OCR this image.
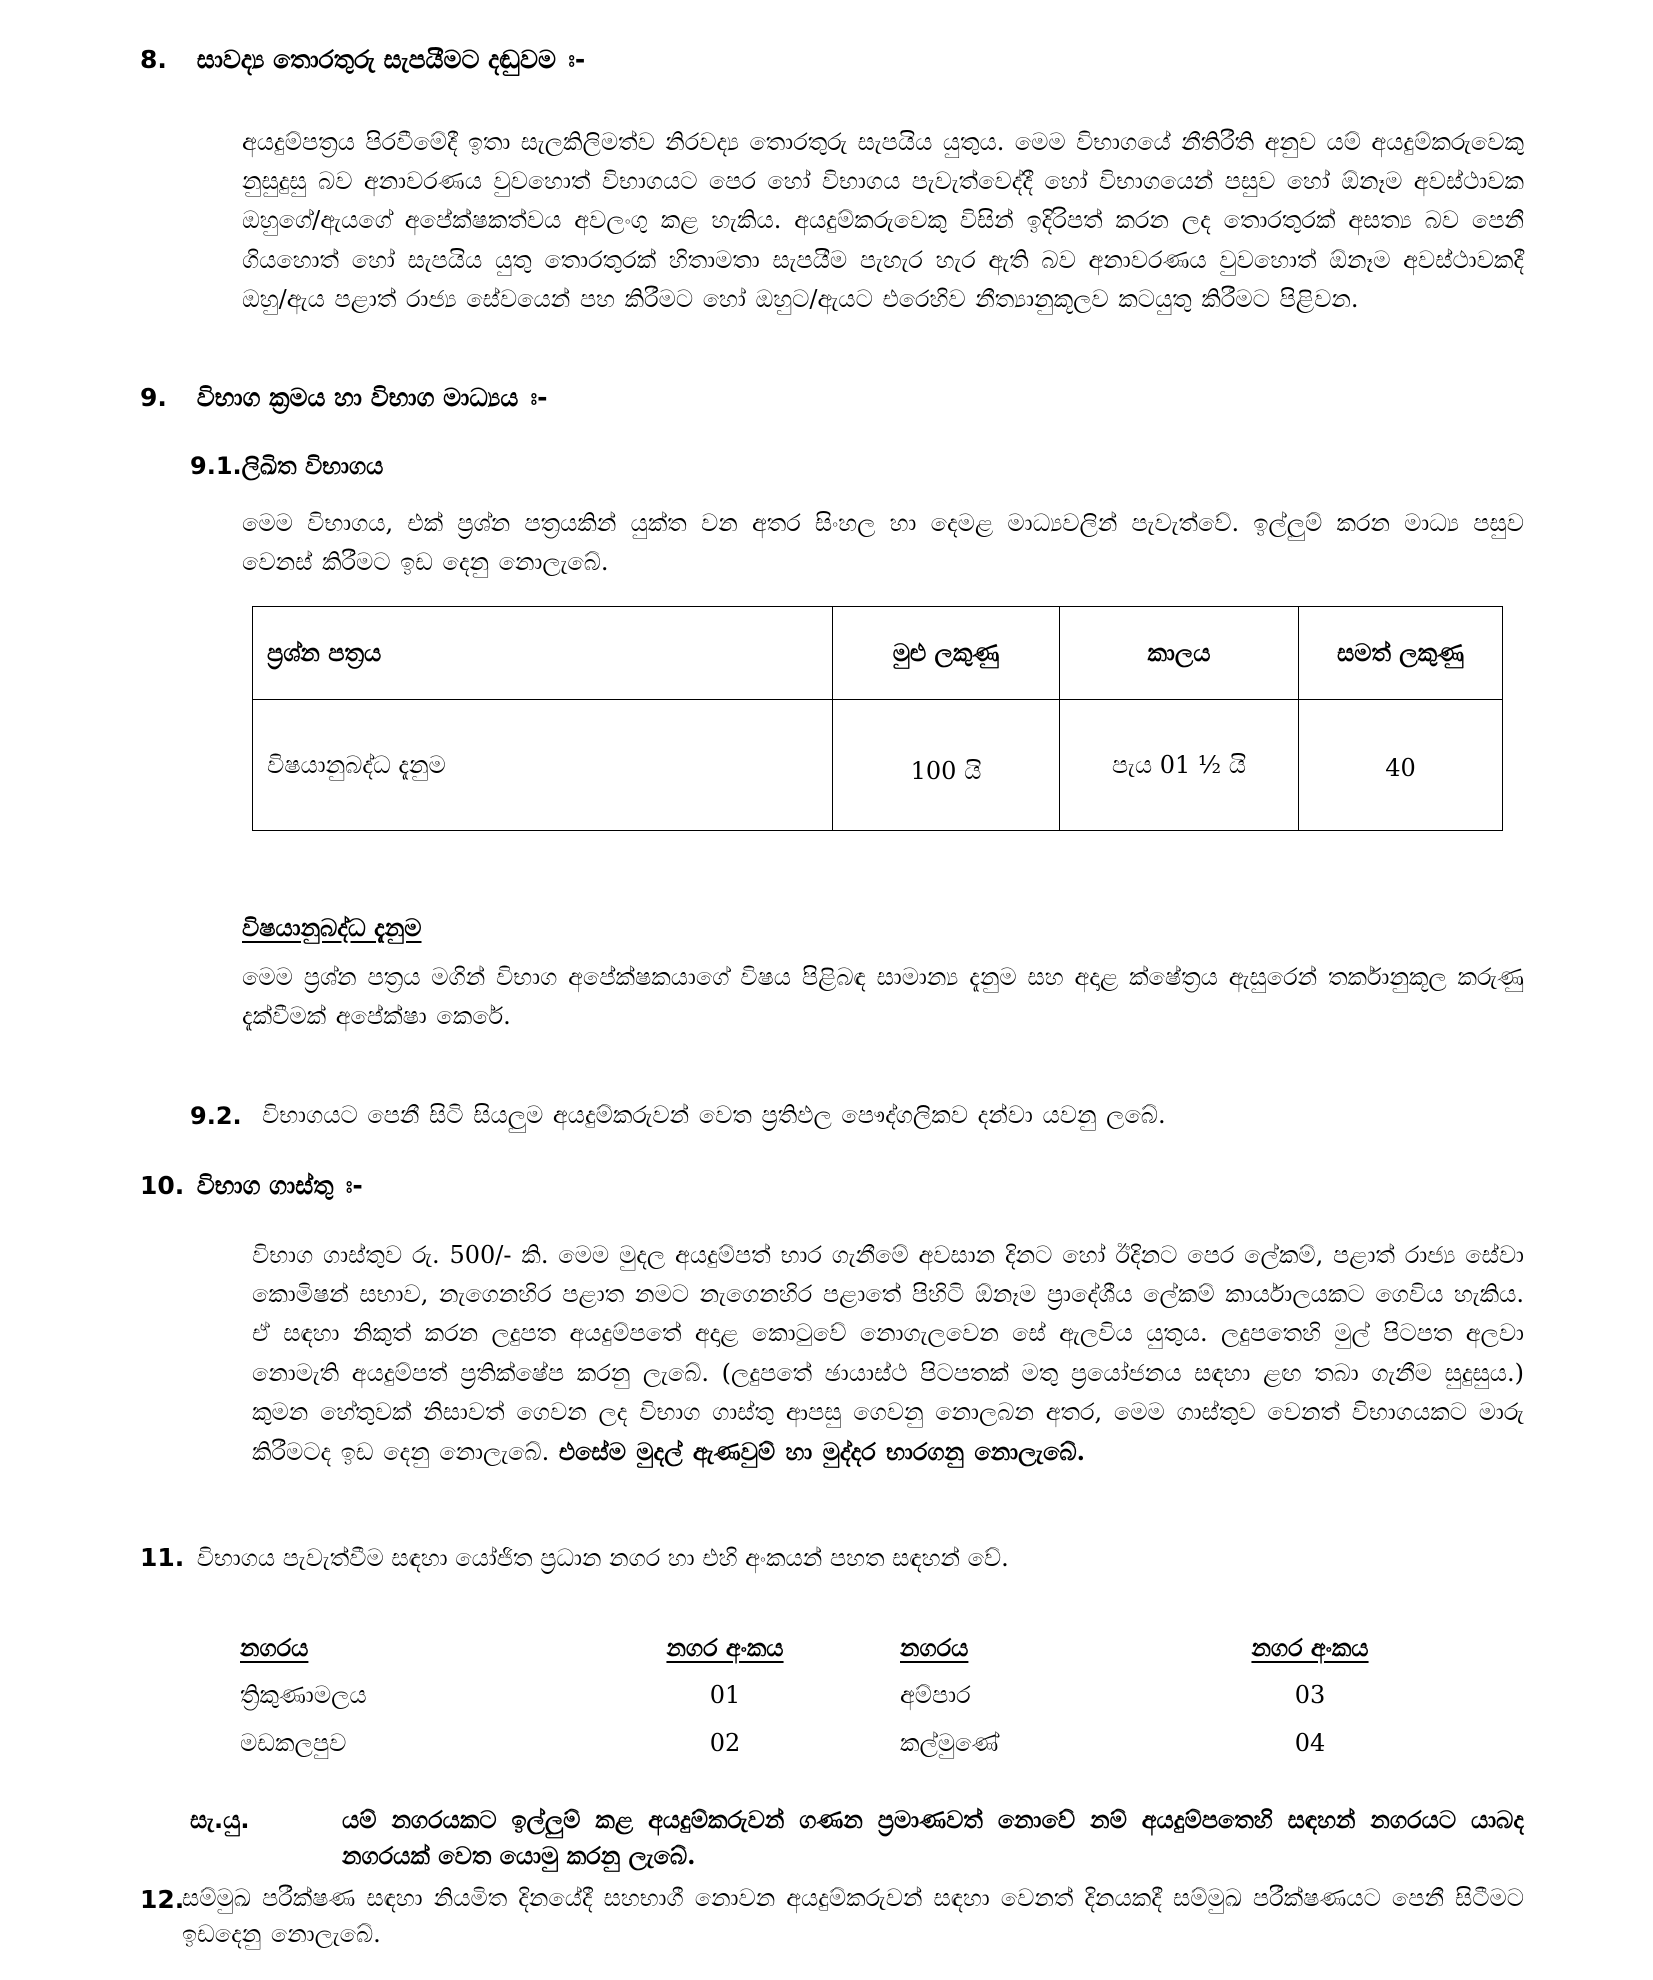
8. සාවද්‍ය තොරතුරු සැපයීමට දඬුවම ඃ-
අයදුම්පත්‍රය පිරවීමේදී ඉතා සැලකිලිමත්ව නිරවද්‍ය තොරතුරු සැපයිය යුතුය. මෙම විභාගයේ නීතිරීති අනුව යම් අයදුම්කරුවෙකු නුසුදුසු බව අනාවරණය වුවහොත් විභාගයට පෙර හෝ විභාගය පැවැත්වෙද්දී හෝ විභාගයෙන් පසුව හෝ ඕනෑම අවස්ථාවක ඔහුගේ/ඇයගේ අපේක්ෂකත්වය අවලංගු කළ හැකිය. අයදුම්කරුවෙකු විසින් ඉදිරිපත් කරන ලද තොරතුරක් අසත්‍ය බව පෙනී ගියහොත් හෝ සැපයිය යුතු තොරතුරක් හිතාමතා සැපයීම පැහැර හැර ඇති බව අනාවරණය වුවහොත් ඕනෑම අවස්ථාවකදී ඔහු/ඇය පළාත් රාජ්‍ය සේවයෙන් පහ කිරීමට හෝ ඔහුට/ඇයට එරෙහිව නීත්‍යානුකූලව කටයුතු කිරීමට පිළිවන.
9. විභාග ක්‍රමය හා විභාග මාධ්‍යය ඃ-
9.1.ලිඛිත විභාගය
මෙම විභාගය, එක් ප්‍රශ්න පත්‍රයකින් යුක්ත වන අතර සිංහල හා දෙමළ මාධ්‍යවලින් පැවැත්වේ. ඉල්ලුම් කරන මාධ්‍ය පසුව වෙනස් කිරීමට ඉඩ දෙනු නොලැබේ.
ප්‍රශ්න පත්‍රය	මුළු ලකුණු	කාලය	සමත් ලකුණු
විෂයානුබද්ධ දැනුම	100 යි	පැය 01 ½ යි	40
විෂයානුබද්ධ දැනුම
මෙම ප්‍රශ්න පත්‍රය මගින් විභාග අපේක්ෂකයාගේ විෂය පිළිබඳ සාමාන්‍ය දැනුම සහ අදාළ ක්ෂේත්‍රය ඇසුරෙන් තර්කානුකූල කරුණු දැක්වීමක් අපේක්ෂා කෙරේ.
9.2. විභාගයට පෙනී සිටි සියලුම අයදුම්කරුවන් වෙත ප්‍රතිඵල පෞද්ගලිකව දන්වා යවනු ලබේ.
10. විභාග ගාස්තු ඃ-
විභාග ගාස්තුව රු. 500/- කි. මෙම මුදල අයදුම්පත් භාර ගැනීමේ අවසාන දිනට හෝ ඊදිනට පෙර ලේකම්, පළාත් රාජ්‍ය සේවා කොමිෂන් සභාව, නැගෙනහිර පළාත නමට නැගෙනහිර පළාතේ පිහිටි ඕනෑම ප්‍රාදේශීය ලේකම් කාර්යාලයකට ගෙවිය හැකිය. ඒ සඳහා නිකුත් කරන ලදුපත අයදුම්පතේ අදාළ කොටුවේ නොගැලවෙන සේ ඇලවිය යුතුය. ලදුපතෙහි මුල් පිටපත අලවා නොමැති අයදුම්පත් ප්‍රතික්ෂේප කරනු ලැබේ. (ලදුපතේ ඡායාස්ථ පිටපතක් මතු ප්‍රයෝජනය සඳහා ළඟ තබා ගැනීම සුදුසුය.) කුමන හේතුවක් නිසාවත් ගෙවන ලද විභාග ගාස්තු ආපසු ගෙවනු නොලබන අතර, මෙම ගාස්තුව වෙනත් විභාගයකට මාරු කිරීමටද ඉඩ දෙනු නොලැබේ. එසේම මුදල් ඇණවුම් හා මුද්දර භාරගනු නොලැබේ.
11. විභාගය පැවැත්වීම සඳහා යෝජිත ප්‍රධාන නගර හා එහි අංකයන් පහත සඳහන් වේ.
නගරය	නගර අංකය	නගරය	නගර අංකය
ත්‍රිකුණාමලය	01	අම්පාර	03
මඩකලපුව	02	කල්මුණේ	04
සැ.යු.	යම් නගරයකට ඉල්ලුම් කළ අයදුම්කරුවන් ගණන ප්‍රමාණවත් නොවේ නම් අයදුම්පතෙහි සඳහන් නගරයට යාබද නගරයක් වෙත යොමු කරනු ලැබේ.
12.
සම්මුඛ පරීක්ෂණ සඳහා නියමිත දිනයේදී සහභාගී නොවන අයදුම්කරුවන් සඳහා වෙනත් දිනයකදී සම්මුඛ පරීක්ෂණයට පෙනී සිටීමට ඉඩදෙනු නොලැබේ.
